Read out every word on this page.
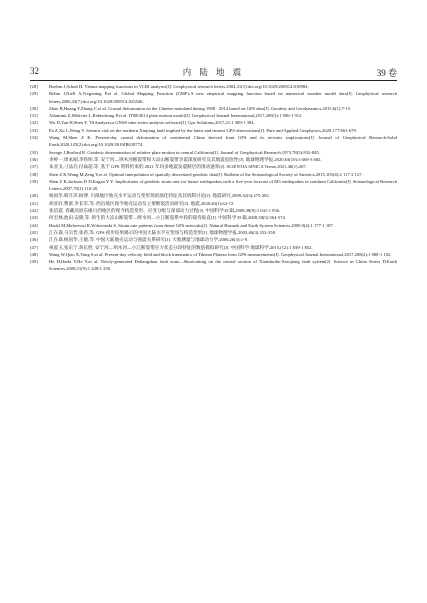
32	内 陆 地 震	39 卷
[28] Boehm J,Schuh H. Vienna mapping functions in VLBI analyses[J]. Geophysical research letters,2004,31(1):doi.org/10.1029/2003GL018984.
[29] Böhm J,Niell A,Tregoning P,et al. Global Mapping Function (GMF):A new empirical mapping function based on numerical weather model data[J]. Geophysical research letters,2006,33(7):doi.org/10.1029/2005GL025546.
[30] Zhao B,Huang Y,Zhang C,et al. Crustal deformation on the Chinese mainland during 1998 - 2014 based on GPS data[J]. Geodesy and Geodynamics,2015,6(1):7-15.
[31] Altamimi Z,Métivier L,Rebischung P,et al. ITRF2014 plate motion model[J]. Geophysical Journal International,2017,209(3):1 906-1 912.
[32] Wu D,Yan H,Shen Y. TSAnalyzer,a GNSS time series analysis software[J]. Gps Solutions,2017,21:1 389-1 394.
[33] Fu Z,Xu L,Wang Y. Seismic risk on the northern Xinjiang fault implied by the latest and nearest GPS observations[J]. Pure and Applied Geophysics,2020,177:661-679.
[34] Wang M,Shen Z K. Present-day crustal deformation of continental China derived from GPS and its tectonic implications[J]. Journal of Geophysical Research:Solid Earth,2020,125(2):doi.org/10.1029/2019JB018774.
[35] Savage J,Burford R. Geodetic determination of relative plate motion in central California[J]. Journal of Geophysical Research,1973,78(5):832-845.
[36] 李婷一,周本刚,李铁明,等. 安宁河—则木河断裂带和大凉山断裂带孕震深度研究及其地震危险性[J]. 地球物理学报,2020,63(10):3 669-3 682.
[37] 朱亚戈,刁法启,付焱超,等. 基于 GPS 资料约束的 2021 年玛多地震发震断层的滑动速率[J]. SCIENTIA SINICA Terrae,2021,48(1):207.
[38] Shen Z K,Wang M,Zeng Y,et al. Optimal interpolation of spatially discretized geodetic data[J]. Bulletin of the Seismological Society of America,2015,105(4):2 117-2 127.
[39] Shen Z K,Jackson D D,Kagan Y Y. Implications of geodetic strain rate for future earthquakes,with a five-year forecast of M5 earthquakes in southern California[J]. Seismological Research Letters,2007,78(1):116-20.
[40] 杨国华,韩月萍,杨博. 川滇地区地壳水平运动与变形场的演化特征及其机制讨论[J]. 地震研究,2009,32(3):275-282.
[41] 胡亚轩,曹蕾,李长军,等. 西昌地区现今地壳运动及主要断裂活动研究[J]. 地震,2020,40(1):62-72.
[42] 张培震. 青藏高原东缘川西地区的现今构造变形、应变分配与深部动力过程[J]. 中国科学:D 辑,2008,38(9):1 041-1 056.
[43] 何宏林,池田,安隆,等. 新生的大凉山断裂带—鲜水河—小江断裂系中段的裁弯取直[J]. 中国科学:D 辑,2008,38(5):564-574.
[44] Hackl M,Malservisi R,Wdowinski S. Strain rate patterns from dense GPS networks[J]. Natural Hazards and Earth System Sciences,2009,9(4):1 177-1 187.
[45] 江在森,马宗晋,张希,等. GPS 初步结果揭示的中国大陆水平应变场与构造变形[J]. 地球物理学报,2003,46(3):352-358.
[46] 江在森,杨国华,王敏,等. 中国大陆地壳运动与强震关系研究[J]. 大地测量与地球动力学,2006,26(3):1-9.
[47] 祝爱玉,张东宁,蒋长胜. 安宁河—则木河—小江断裂带应力状态分段特征的数值模拟研究[J]. 中国科学:地球科学,2015,(12):1 839-1 852.
[48] Wang W,Qiao X,Yang S,et al. Present-day velocity field and block kinematics of Tibetan Plateau from GPS measurements[J]. Geophysical Journal International,2017,208(2):1 088-1 102.
[49] He H,Ikeda Y,He Y,et al. Newly-generated Daliangshan fault zone—Shortcutting on the central section of Xianshuihe-Xiaojiang fault system[J]. Science in China Series D:Earth Sciences,2008,51(9):1 248-1 258.
